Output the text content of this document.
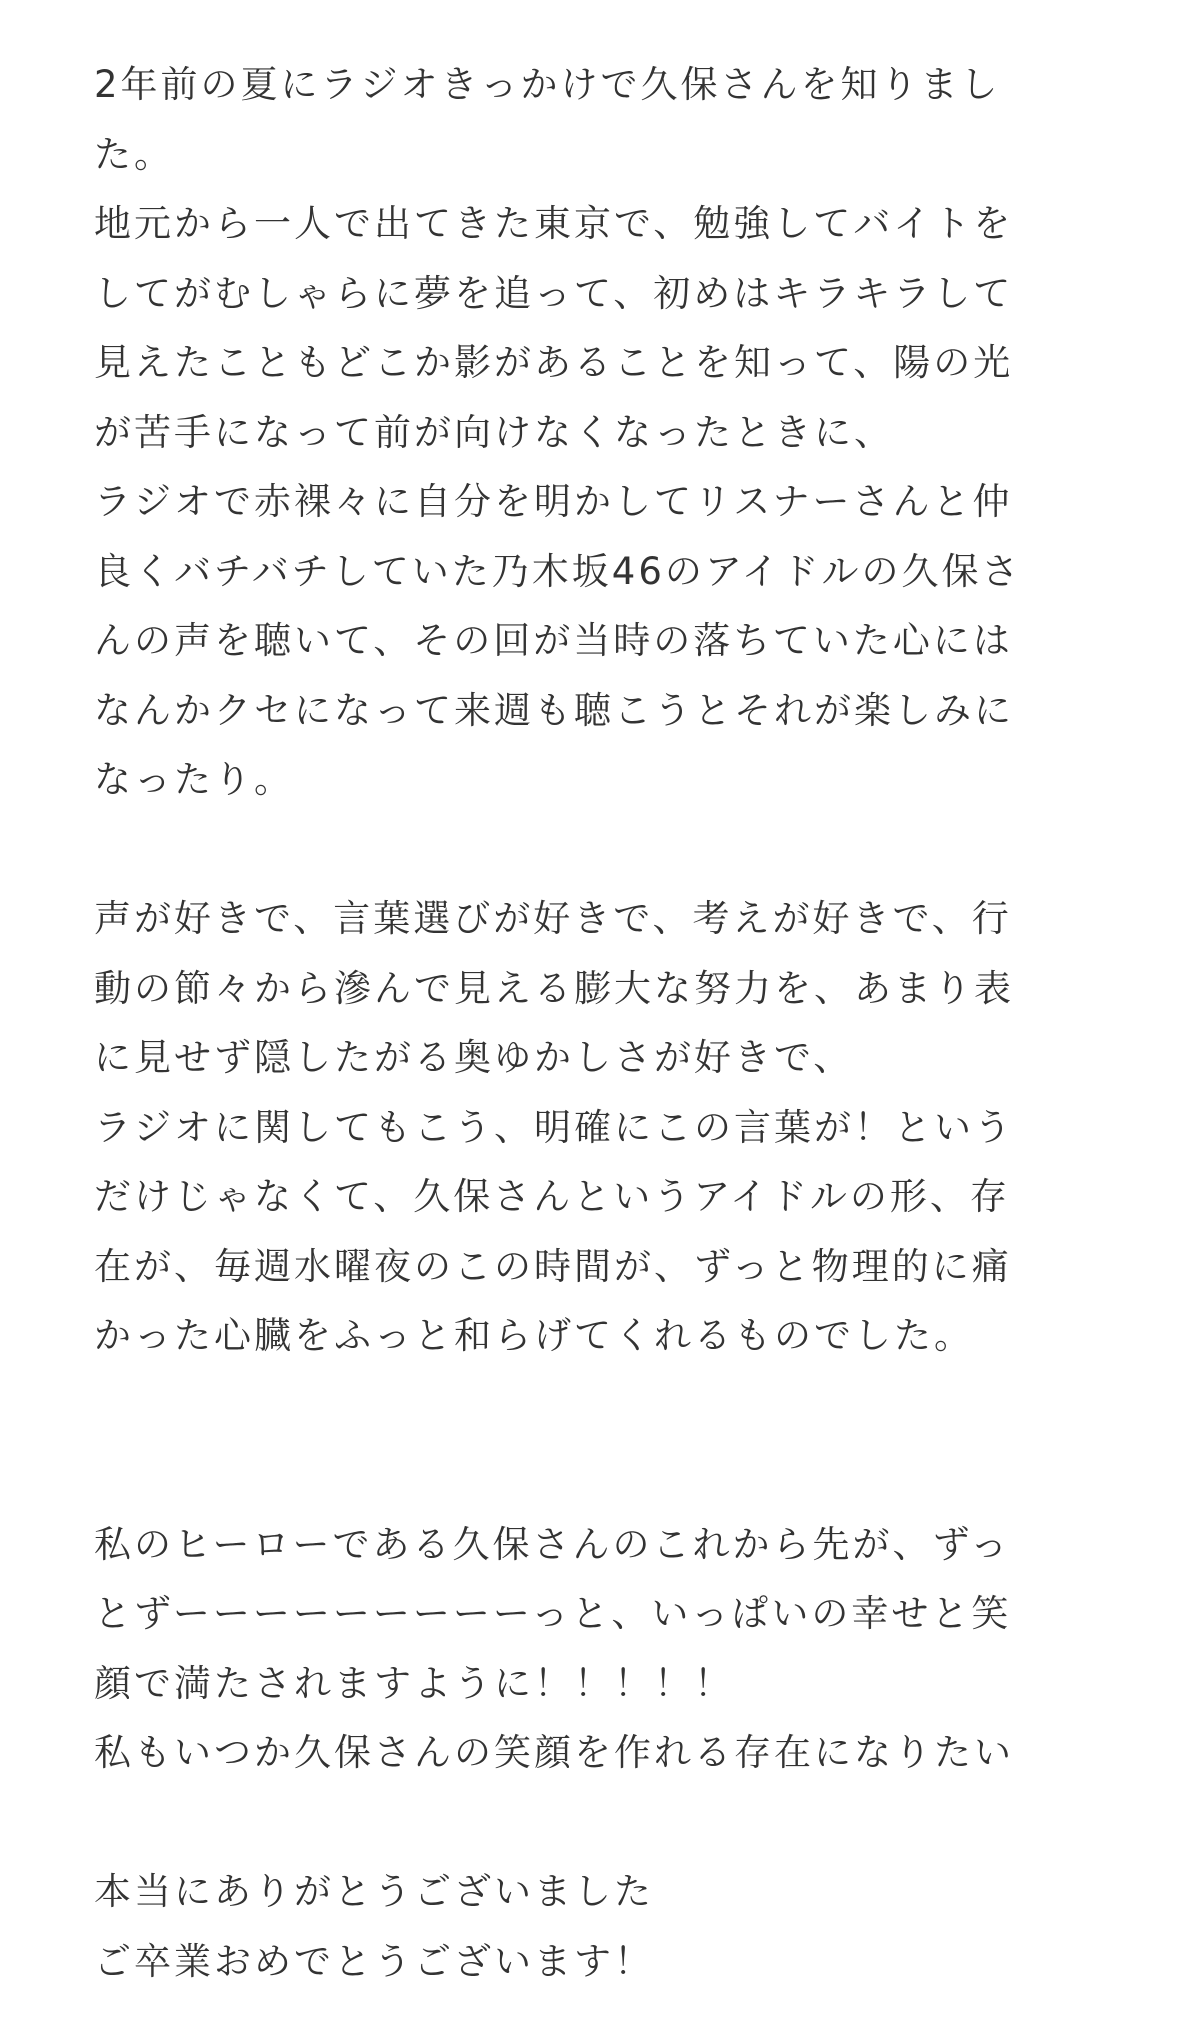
2年前の夏にラジオきっかけで久保さんを知りまし
た。
地元から一人で出てきた東京で、勉強してバイトを
してがむしゃらに夢を追って、初めはキラキラして
見えたこともどこか影があることを知って、陽の光
が苦手になって前が向けなくなったときに、
ラジオで赤裸々に自分を明かしてリスナーさんと仲
良くバチバチしていた乃木坂46のアイドルの久保さ
んの声を聴いて、その回が当時の落ちていた心には
なんかクセになって来週も聴こうとそれが楽しみに
なったり。
声が好きで、言葉選びが好きで、考えが好きで、行
動の節々から滲んで見える膨大な努力を、あまり表
に見せず隠したがる奥ゆかしさが好きで、
ラジオに関してもこう、明確にこの言葉が！という
だけじゃなくて、久保さんというアイドルの形、存
在が、毎週水曜夜のこの時間が、ずっと物理的に痛
かった心臓をふっと和らげてくれるものでした。
私のヒーローである久保さんのこれから先が、ずっ
とずーーーーーーーーーっと、いっぱいの幸せと笑
顔で満たされますように！！！！！
私もいつか久保さんの笑顔を作れる存在になりたい
本当にありがとうございました
ご卒業おめでとうございます！
